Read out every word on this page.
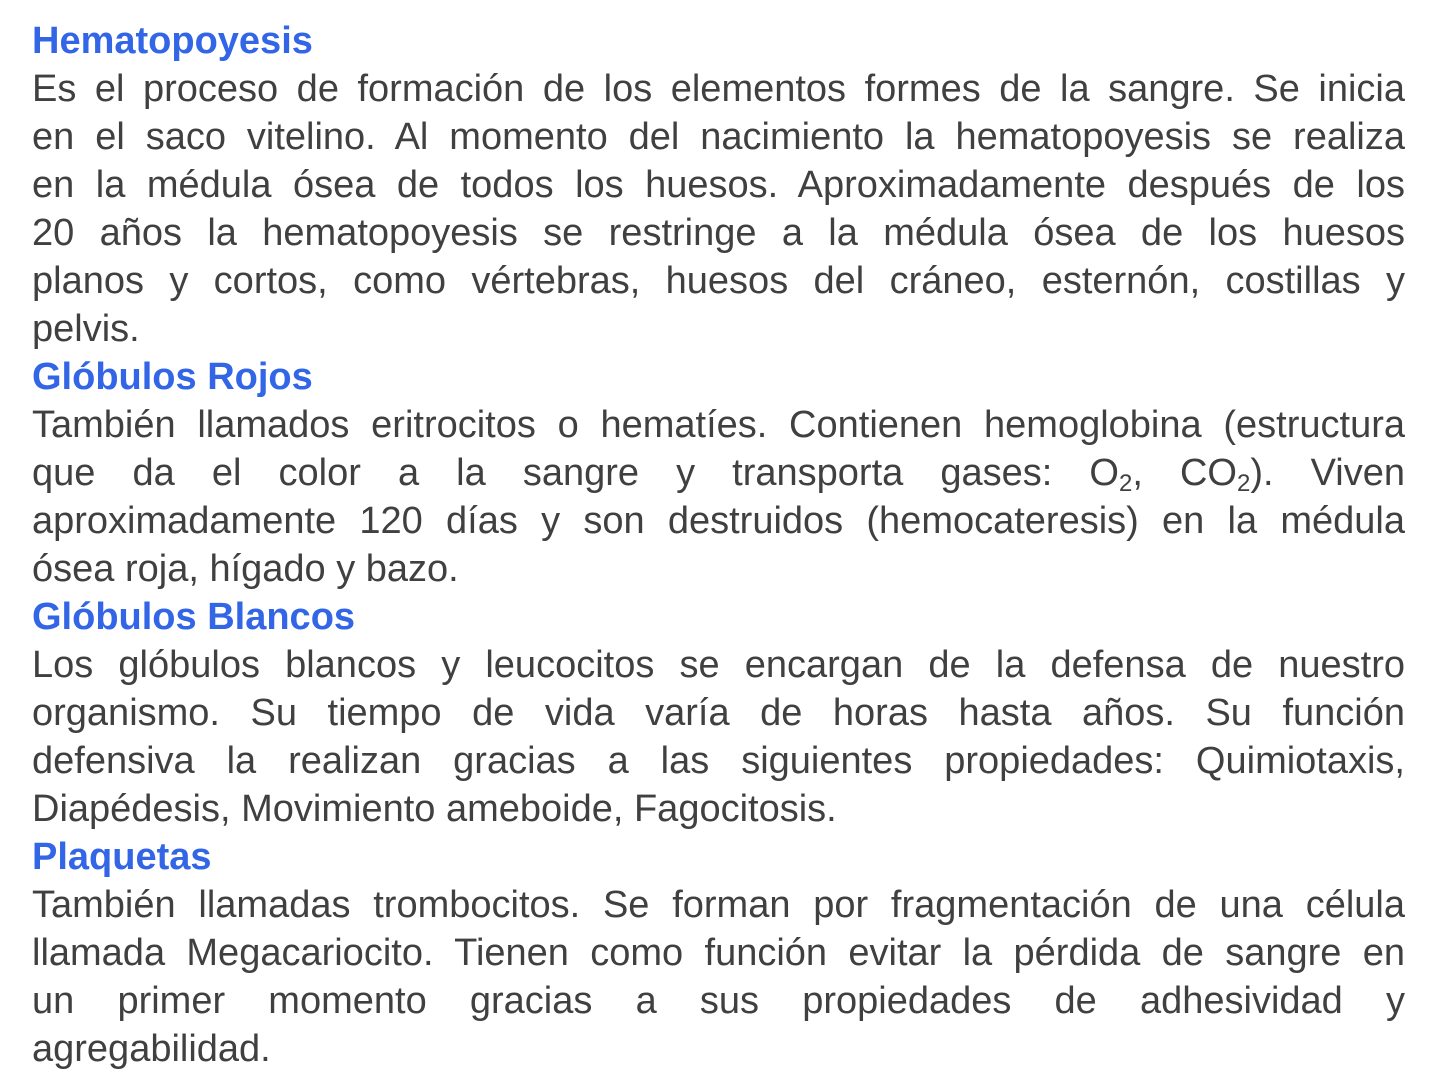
Hematopoyesis
Es el proceso de formación de los elementos formes de la sangre. Se inicia
en el saco vitelino. Al momento del nacimiento la hematopoyesis se realiza
en la médula ósea de todos los huesos. Aproximadamente después de los
20 años la hematopoyesis se restringe a la médula ósea de los huesos
planos y cortos, como vértebras, huesos del cráneo, esternón, costillas y
pelvis.
Glóbulos Rojos
También llamados eritrocitos o hematíes. Contienen hemoglobina (estructura
que da el color a la sangre y transporta gases: $O_2$, $CO_2$). Viven
aproximadamente 120 días y son destruidos (hemocateresis) en la médula
ósea roja, hígado y bazo.
Glóbulos Blancos
Los glóbulos blancos y leucocitos se encargan de la defensa de nuestro
organismo. Su tiempo de vida varía de horas hasta años. Su función
defensiva la realizan gracias a las siguientes propiedades: Quimiotaxis,
Diapédesis, Movimiento ameboide, Fagocitosis.
Plaquetas
También llamadas trombocitos. Se forman por fragmentación de una célula
llamada Megacariocito. Tienen como función evitar la pérdida de sangre en
un primer momento gracias a sus propiedades de adhesividad y
agregabilidad.
